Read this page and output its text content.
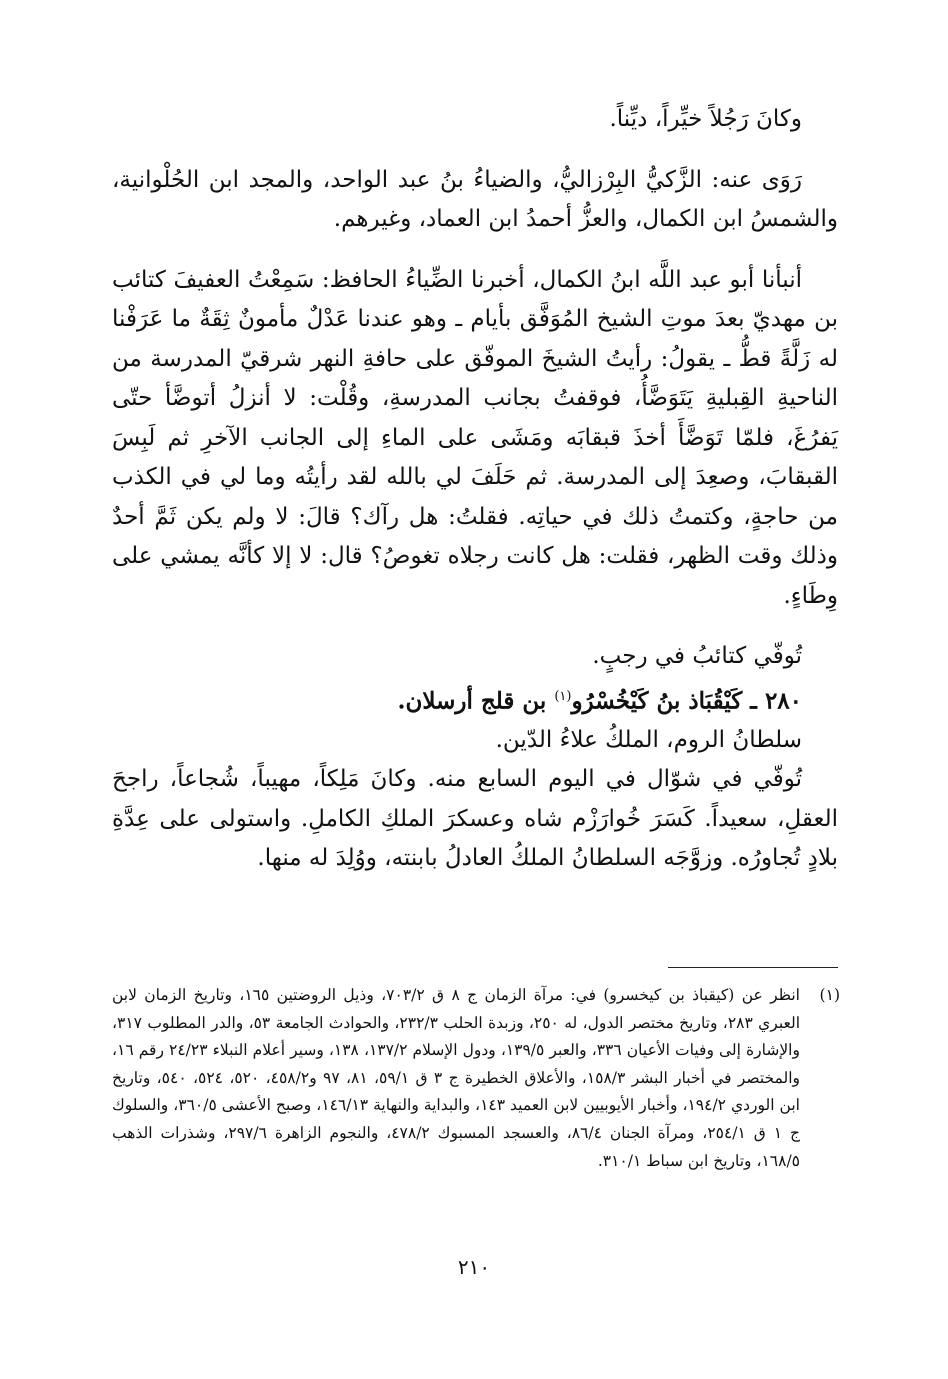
وكانَ رَجُلاً خيِّراً، ديِّناً.

رَوَى عنه: الزَّكيُّ البِرْزاليُّ، والضياءُ بنُ عبد الواحد، والمجد ابن الحُلْوانية، والشمسُ ابن الكمال، والعزُّ أحمدُ ابن العماد، وغيرهم.

أنبأنا أبو عبد اللَّه ابنُ الكمال، أخبرنا الضِّياءُ الحافظ: سَمِعْتُ العفيفَ كتائب بن مهديّ بعدَ موتِ الشيخ المُوَفَّق بأيام ـ وهو عندنا عَدْلٌ مأمونٌ ثِقَةٌ ما عَرَفْنا له زَلَّةً قطُّ ـ يقولُ: رأيتُ الشيخَ الموفّق على حافةِ النهر شرقيّ المدرسة من الناحيةِ القِبليةِ يَتَوَضَّأُ، فوقفتُ بجانب المدرسةِ، وقُلْت: لا أنزلُ أتوضَّأ حتّى يَفرُغَ، فلمّا تَوَضَّأَ أخذَ قبقابَه ومَشَى على الماءِ إلى الجانب الآخرِ ثم لَبِسَ القبقابَ، وصعِدَ إلى المدرسة. ثم حَلَفَ لي بالله لقد رأيتُه وما لي في الكذب من حاجةٍ، وكتمتُ ذلك في حياتِه. فقلتُ: هل رآك؟ قالَ: لا ولم يكن ثَمَّ أحدٌ وذلك وقت الظهر، فقلت: هل كانت رجلاه تغوصُ؟ قال: لا إلا كأنَّه يمشي على وِطَاءٍ.

تُوفّي كتائبُ في رجبٍ.

٢٨٠ ـ كَيْقُبَاذ بنُ كَيْخُسْرُو$^{(١)}$ بن قلج أرسلان.

سلطانُ الروم، الملكُ علاءُ الدّين.

تُوفّي في شوّال في اليوم السابع منه. وكانَ مَلِكاً، مهيباً، شُجاعاً، راجحَ العقلِ، سعيداً. كَسَرَ خُوارَزْم شاه وعسكرَ الملكِ الكاملِ. واستولى على عِدَّةِ بلادٍ تُجاورُه. وزوَّجَه السلطانُ الملكُ العادلُ بابنته، ووُلِدَ له منها.

(١)
انظر عن (كيقباذ بن كيخسرو) في: مرآة الزمان ج ٨ ق ٧٠٣/٢، وذيل الروضتين ١٦٥، وتاريخ الزمان لابن العبري ٢٨٣، وتاريخ مختصر الدول، له ٢٥٠، وزبدة الحلب ٢٣٢/٣، والحوادث الجامعة ٥٣، والدر المطلوب ٣١٧، والإشارة إلى وفيات الأعيان ٣٣٦، والعبر ١٣٩/٥، ودول الإسلام ١٣٧/٢، ١٣٨، وسير أعلام النبلاء ٢٤/٢٣ رقم ١٦، والمختصر في أخبار البشر ١٥٨/٣، والأعلاق الخطيرة ج ٣ ق ٥٩/١، ٨١، ٩٧ و٤٥٨/٢، ٥٢٠، ٥٢٤، ٥٤٠، وتاريخ ابن الوردي ١٩٤/٢، وأخبار الأيوبيين لابن العميد ١٤٣، والبداية والنهاية ١٤٦/١٣، وصبح الأعشى ٣٦٠/٥، والسلوك ج ١ ق ٢٥٤/١، ومرآة الجنان ٨٦/٤، والعسجد المسبوك ٤٧٨/٢، والنجوم الزاهرة ٢٩٧/٦، وشذرات الذهب ١٦٨/٥، وتاريخ ابن سباط ٣١٠/١.
٢١٠
